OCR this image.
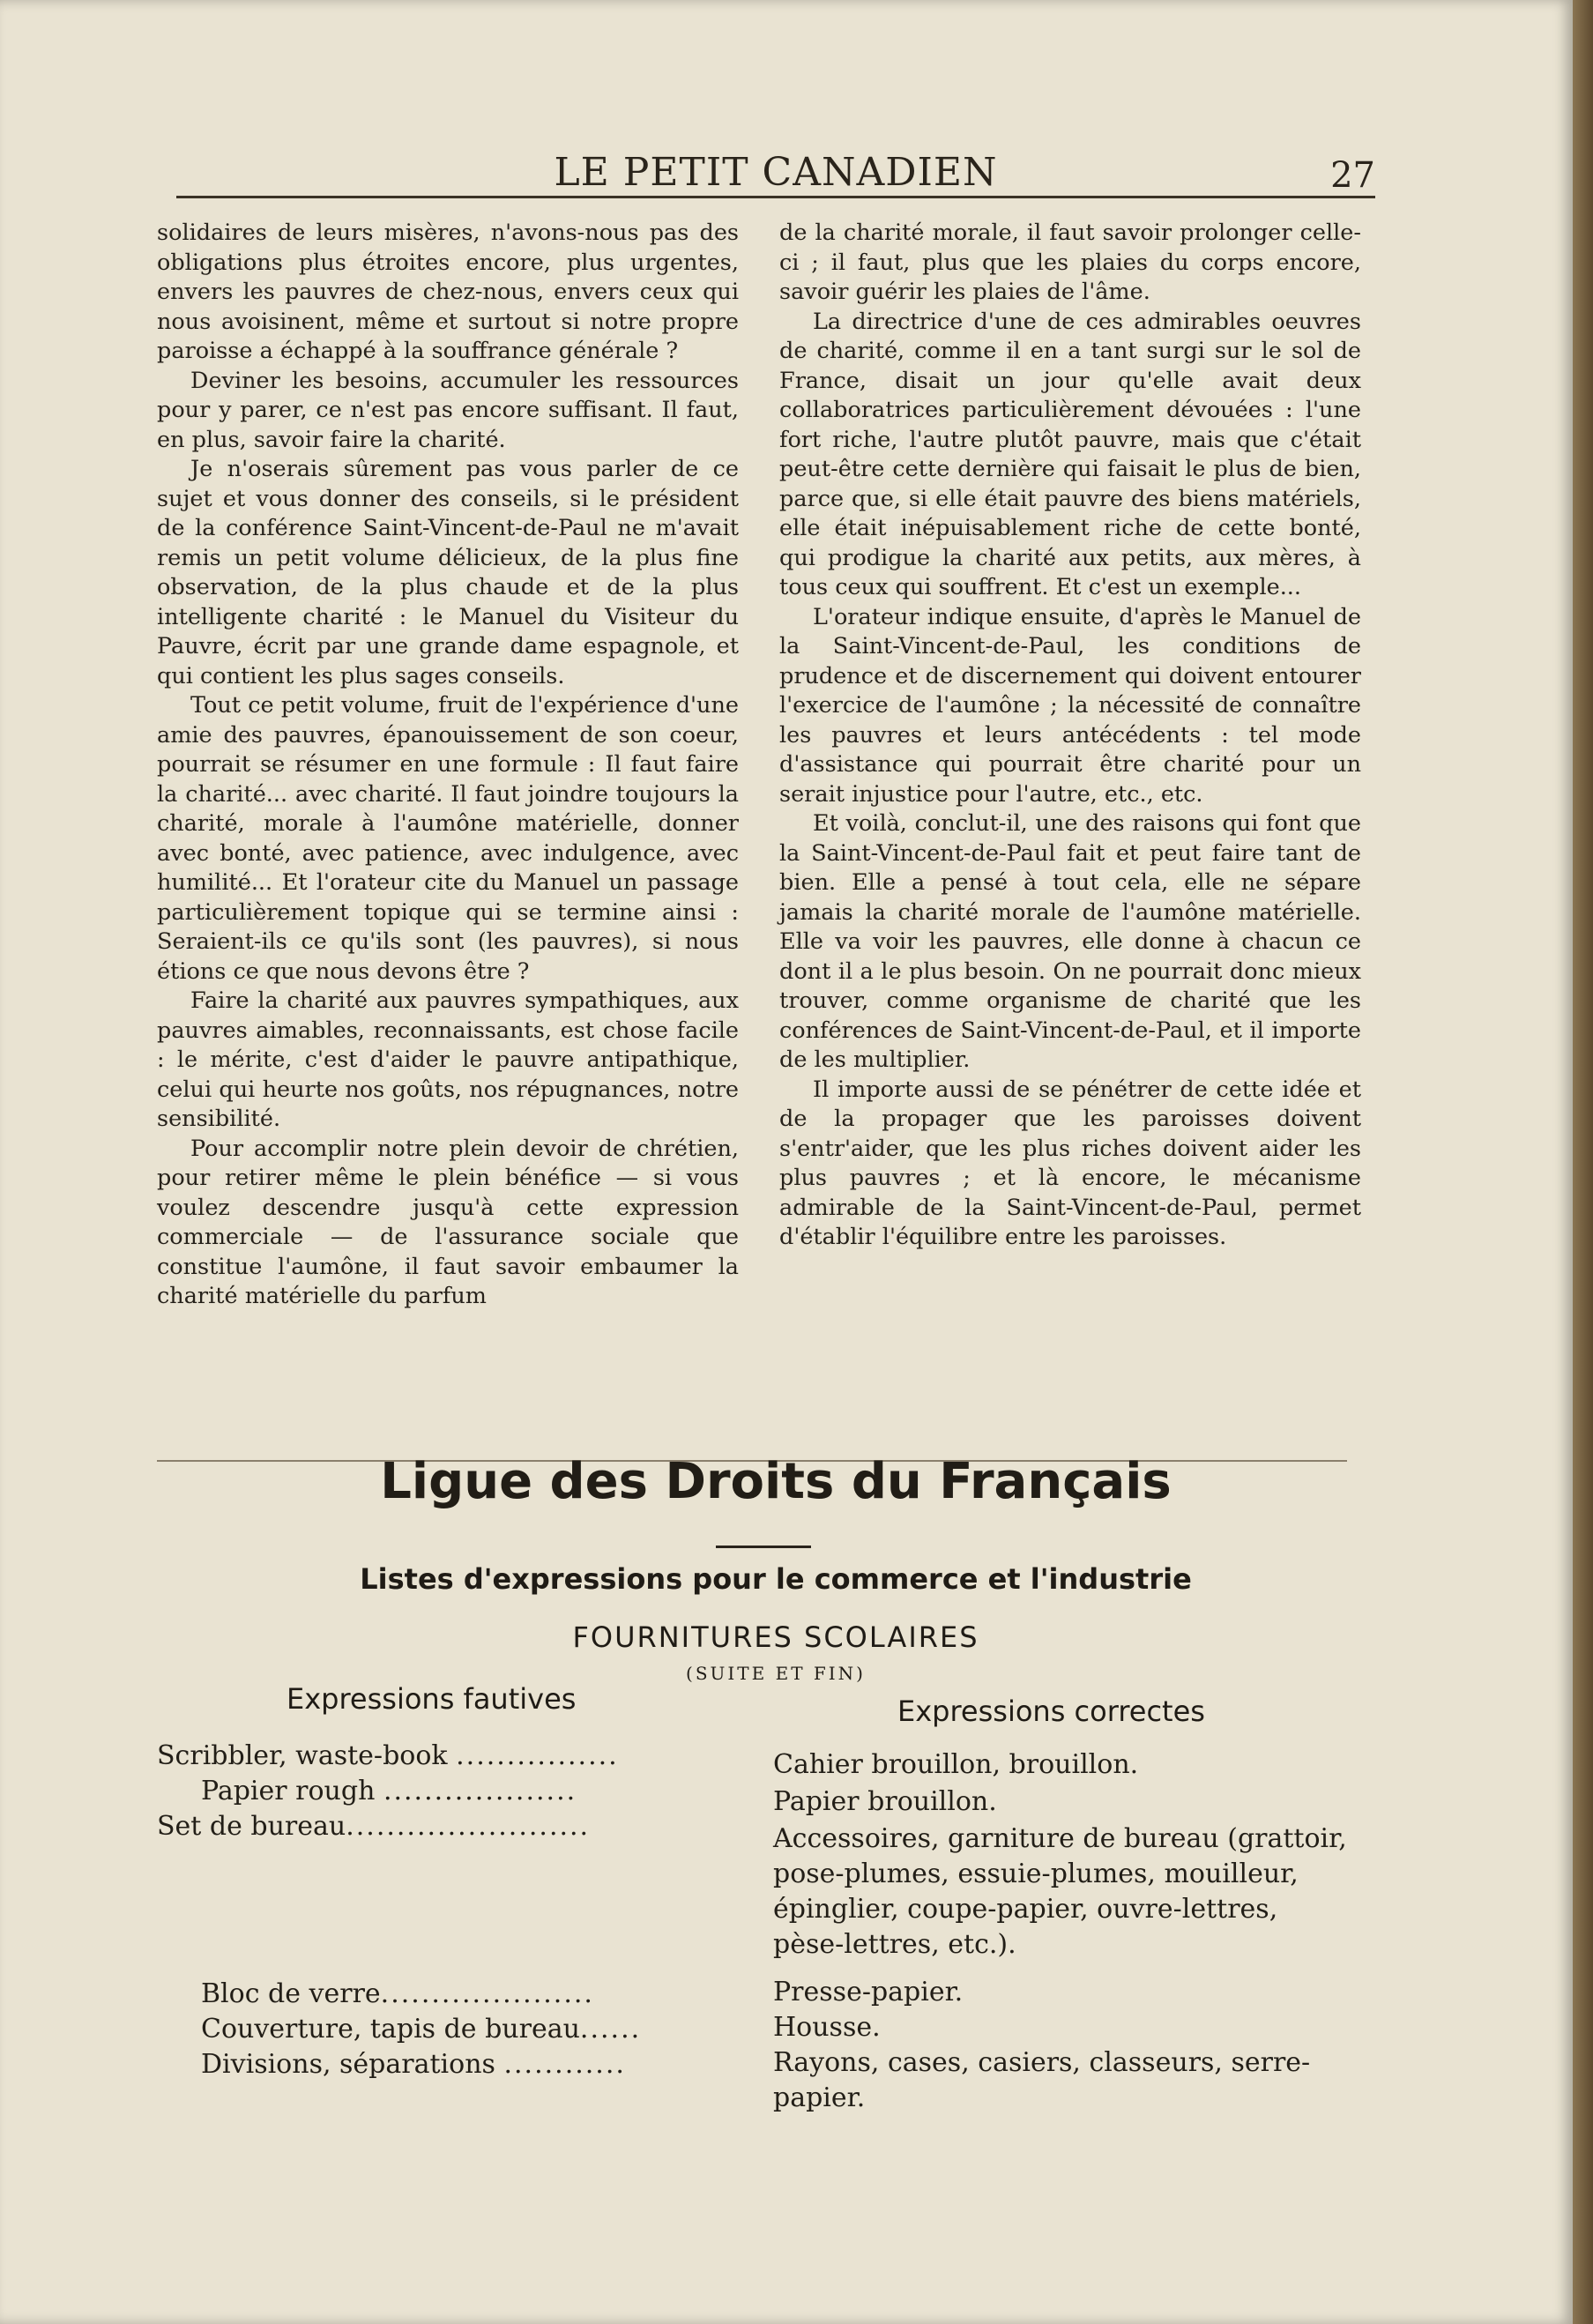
LE PETIT CANADIEN	27

solidaires de leurs misères, n'avons-nous pas des obligations plus étroites encore, plus urgentes, envers les pauvres de chez-nous, envers ceux qui nous avoisinent, même et surtout si notre propre paroisse a échappé à la souffrance générale ?

Deviner les besoins, accumuler les ressources pour y parer, ce n'est pas encore suffisant. Il faut, en plus, savoir faire la charité.

Je n'oserais sûrement pas vous parler de ce sujet et vous donner des conseils, si le président de la conférence Saint-Vincent-de-Paul ne m'avait remis un petit volume délicieux, de la plus fine observation, de la plus chaude et de la plus intelligente charité : le Manuel du Visiteur du Pauvre, écrit par une grande dame espagnole, et qui contient les plus sages conseils.

Tout ce petit volume, fruit de l'expérience d'une amie des pauvres, épanouissement de son coeur, pourrait se résumer en une formule : Il faut faire la charité... avec charité. Il faut joindre toujours la charité, morale à l'aumône matérielle, donner avec bonté, avec patience, avec indulgence, avec humilité... Et l'orateur cite du Manuel un passage particulièrement topique qui se termine ainsi : Seraient-ils ce qu'ils sont (les pauvres), si nous étions ce que nous devons être ?

Faire la charité aux pauvres sympathiques, aux pauvres aimables, reconnaissants, est chose facile : le mérite, c'est d'aider le pauvre antipathique, celui qui heurte nos goûts, nos répugnances, notre sensibilité.

Pour accomplir notre plein devoir de chrétien, pour retirer même le plein bénéfice — si vous voulez descendre jusqu'à cette expression commerciale — de l'assurance sociale que constitue l'aumône, il faut savoir embaumer la charité matérielle du parfum

de la charité morale, il faut savoir prolonger celle-ci ; il faut, plus que les plaies du corps encore, savoir guérir les plaies de l'âme.

La directrice d'une de ces admirables oeuvres de charité, comme il en a tant surgi sur le sol de France, disait un jour qu'elle avait deux collaboratrices particulièrement dévouées : l'une fort riche, l'autre plutôt pauvre, mais que c'était peut-être cette dernière qui faisait le plus de bien, parce que, si elle était pauvre des biens matériels, elle était inépuisablement riche de cette bonté, qui prodigue la charité aux petits, aux mères, à tous ceux qui souffrent. Et c'est un exemple...

L'orateur indique ensuite, d'après le Manuel de la Saint-Vincent-de-Paul, les conditions de prudence et de discernement qui doivent entourer l'exercice de l'aumône ; la nécessité de connaître les pauvres et leurs antécédents : tel mode d'assistance qui pourrait être charité pour un serait injustice pour l'autre, etc., etc.

Et voilà, conclut-il, une des raisons qui font que la Saint-Vincent-de-Paul fait et peut faire tant de bien. Elle a pensé à tout cela, elle ne sépare jamais la charité morale de l'aumône matérielle. Elle va voir les pauvres, elle donne à chacun ce dont il a le plus besoin. On ne pourrait donc mieux trouver, comme organisme de charité que les conférences de Saint-Vincent-de-Paul, et il importe de les multiplier.

Il importe aussi de se pénétrer de cette idée et de la propager que les paroisses doivent s'entr'aider, que les plus riches doivent aider les plus pauvres ; et là encore, le mécanisme admirable de la Saint-Vincent-de-Paul, permet d'établir l'équilibre entre les paroisses.

Ligue des Droits du Français
Listes d'expressions pour le commerce et l'industrie
FOURNITURES SCOLAIRES
(SUITE ET FIN)
Expressions fautives	Expressions correctes
Scribbler, waste-book ................
Papier rough ...................
Set de bureau........................
Bloc de verre.....................
Couverture, tapis de bureau......
Divisions, séparations ............
Cahier brouillon, brouillon.
Papier brouillon.
Accessoires, garniture de bureau (grattoir, pose-plumes, essuie-plumes, mouilleur, épinglier, coupe-papier, ouvre-lettres, pèse-lettres, etc.).
Presse-papier.
Housse.
Rayons, cases, casiers, classeurs, serre-papier.
